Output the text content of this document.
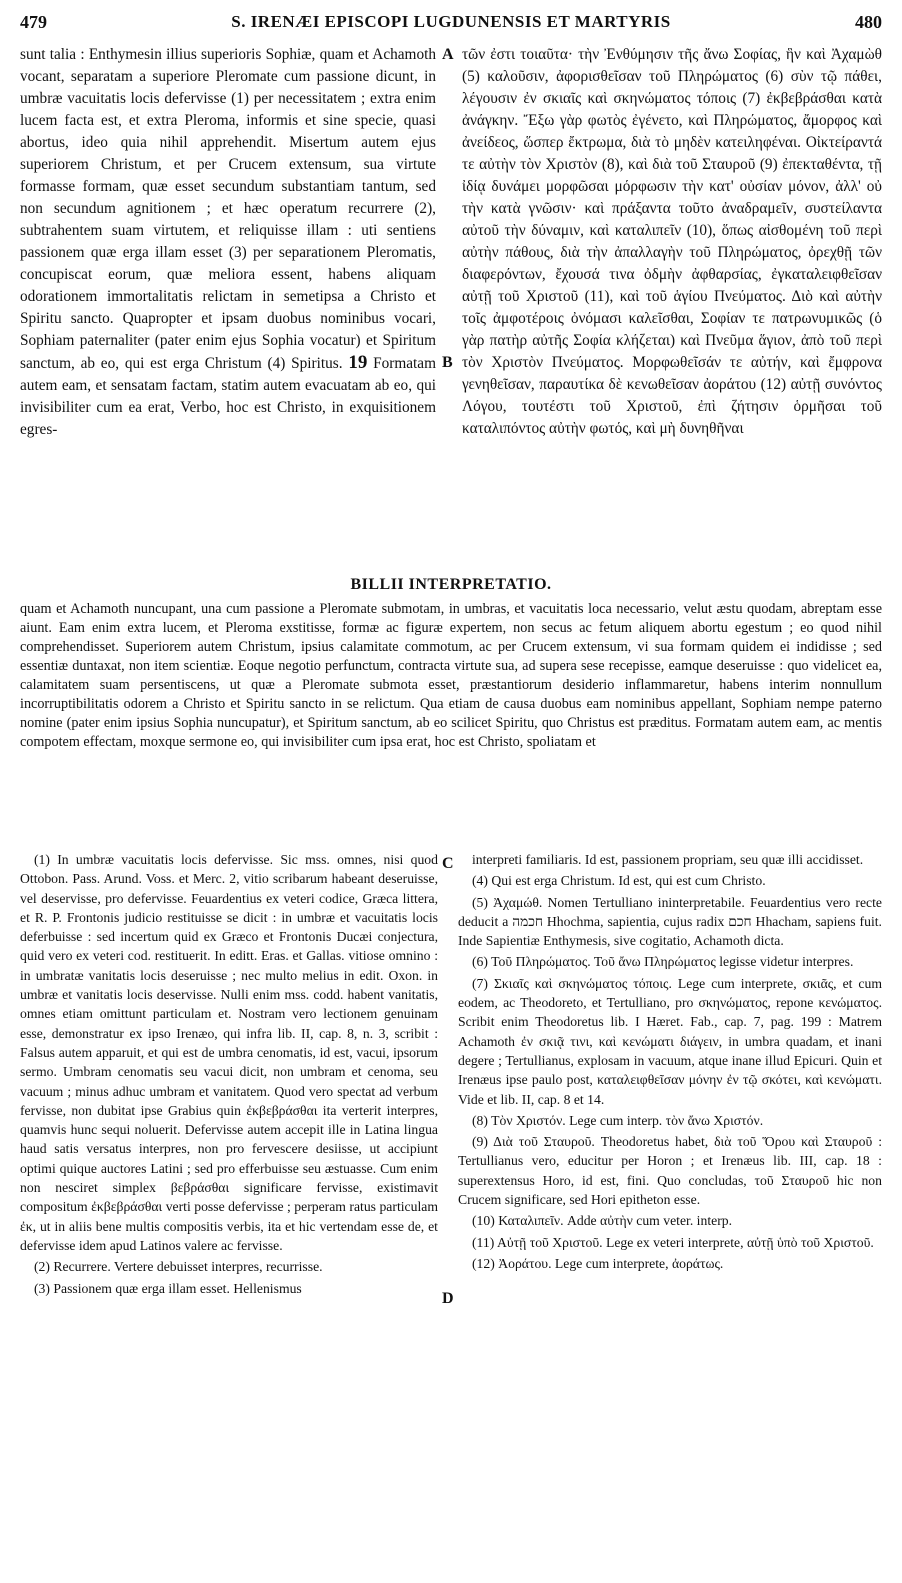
479	S. IRENÆI EPISCOPI LUGDUNENSIS ET MARTYRIS	480
sunt talia : Enthymesin illius superioris Sophiæ, quam et Achamoth vocant, separatam a superiore Pleromate cum passione dicunt, in umbræ vacuitatis locis defervisse (1) per necessitatem ; extra enim lucem facta est, et extra Pleroma, informis et sine specie, quasi abortus, ideo quia nihil apprehendit. Misertum autem ejus superiorem Christum, et per Crucem extensum, sua virtute formasse formam, quæ esset secundum substantiam tantum, sed non secundum agnitionem ; et hæc operatum recurrere (2), subtrahentem suam virtutem, et reliquisse illam : uti sentiens passionem quæ erga illam esset (3) per separationem Pleromatis, concupiscat eorum, quæ meliora essent, habens aliquam odorationem immortalitatis relictam in semetipsa a Christo et Spiritu sancto. Quapropter et ipsam duobus nominibus vocari, Sophiam paternaliter (pater enim ejus Sophia vocatur) et Spiritum sanctum, ab eo, qui est erga Christum (4) Spiritus. 19 Formatam autem eam, et sensatam factam, statim autem evacuatam ab eo, qui invisibiliter cum ea erat, Verbo, hoc est Christo, in exquisitionem egres-
A
B
τῶν ἐστι τοιαῦτα· τὴν Ἐνθύμησιν τῆς ἄνω Σοφίας, ἣν καὶ Ἀχαμὼθ (5) καλοῦσιν, ἀφορισθεῖσαν τοῦ Πληρώματος (6) σὺν τῷ πάθει, λέγουσιν ἐν σκιαῖς καὶ σκηνώματος τόποις (7) ἐκβεβράσθαι κατὰ ἀνάγκην. Ἔξω γὰρ φωτὸς ἐγένετο, καὶ Πληρώματος, ἄμορφος καὶ ἀνείδεος, ὥσπερ ἔκτρωμα, διὰ τὸ μηδὲν κατειληφέναι. Οἰκτείραντά τε αὐτὴν τὸν Χριστὸν (8), καὶ διὰ τοῦ Σταυροῦ (9) ἐπεκταθέντα, τῇ ἰδίᾳ δυνάμει μορφῶσαι μόρφωσιν τὴν κατ' οὐσίαν μόνον, ἀλλ' οὐ τὴν κατὰ γνῶσιν· καὶ πράξαντα τοῦτο ἀναδραμεῖν, συστείλαντα αὐτοῦ τὴν δύναμιν, καὶ καταλιπεῖν (10), ὅπως αἰσθομένη τοῦ περὶ αὐτὴν πάθους, διὰ τὴν ἀπαλλαγὴν τοῦ Πληρώματος, ὀρεχθῇ τῶν διαφερόντων, ἔχουσά τινα ὀδμὴν ἀφθαρσίας, ἐγκαταλειφθεῖσαν αὐτῇ τοῦ Χριστοῦ (11), καὶ τοῦ ἁγίου Πνεύματος. Διὸ καὶ αὐτὴν τοῖς ἀμφοτέροις ὀνόμασι καλεῖσθαι, Σοφίαν τε πατρωνυμικῶς (ὁ γὰρ πατὴρ αὐτῆς Σοφία κλήζεται) καὶ Πνεῦμα ἅγιον, ἀπὸ τοῦ περὶ τὸν Χριστὸν Πνεύματος. Μορφωθεῖσάν τε αὐτήν, καὶ ἔμφρονα γενηθεῖσαν, παραυτίκα δὲ κενωθεῖσαν ἀοράτου (12) αὐτῇ συνόντος Λόγου, τουτέστι τοῦ Χριστοῦ, ἐπὶ ζήτησιν ὁρμῆσαι τοῦ καταλιπόντος αὐτὴν φωτός, καὶ μὴ δυνηθῆναι
BILLII INTERPRETATIO.
quam et Achamoth nuncupant, una cum passione a Pleromate submotam, in umbras, et vacuitatis loca necessario, velut æstu quodam, abreptam esse aiunt. Eam enim extra lucem, et Pleroma exstitisse, formæ ac figuræ expertem, non secus ac fetum aliquem abortu egestum ; eo quod nihil comprehendisset. Superiorem autem Christum, ipsius calamitate commotum, ac per Crucem extensum, vi sua formam quidem ei indidisse ; sed essentiæ duntaxat, non item scientiæ. Eoque negotio perfunctum, contracta virtute sua, ad supera sese recepisse, eamque deseruisse : quo videlicet ea, calamitatem suam persentiscens, ut quæ a Pleromate submota esset, præstantiorum desiderio inflammaretur, habens interim nonnullum incorruptibilitatis odorem a Christo et Spiritu sancto in se relictum. Qua etiam de causa duobus eam nominibus appellant, Sophiam nempe paterno nomine (pater enim ipsius Sophia nuncupatur), et Spiritum sanctum, ab eo scilicet Spiritu, quo Christus est præditus. Formatam autem eam, ac mentis compotem effectam, moxque sermone eo, qui invisibiliter cum ipsa erat, hoc est Christo, spoliatam et
C
D

(1) In umbræ vacuitatis locis defervisse. Sic mss. omnes, nisi quod Ottobon. Pass. Arund. Voss. et Merc. 2, vitio scribarum habeant deseruisse, vel deservisse, pro defervisse. Feuardentius ex veteri codice, Græca littera, et R. P. Frontonis judicio restituisse se dicit : in umbræ et vacuitatis locis deferbuisse : sed incertum quid ex Græco et Frontonis Ducæi conjectura, quid vero ex veteri cod. restituerit. In editt. Eras. et Gallas. vitiose omnino : in umbratæ vanitatis locis deseruisse ; nec multo melius in edit. Oxon. in umbræ et vanitatis locis deservisse. Nulli enim mss. codd. habent vanitatis, omnes etiam omittunt particulam et. Nostram vero lectionem genuinam esse, demonstratur ex ipso Irenæo, qui infra lib. II, cap. 8, n. 3, scribit : Falsus autem apparuit, et qui est de umbra cenomatis, id est, vacui, ipsorum sermo. Umbram cenomatis seu vacui dicit, non umbram et cenoma, seu vacuum ; minus adhuc umbram et vanitatem. Quod vero spectat ad verbum fervisse, non dubitat ipse Grabius quin ἐκβεβράσθαι ita verterit interpres, quamvis hunc sequi noluerit. Defervisse autem accepit ille in Latina lingua haud satis versatus interpres, non pro fervescere desiisse, ut accipiunt optimi quique auctores Latini ; sed pro efferbuisse seu æstuasse. Cum enim non nesciret simplex βεβράσθαι significare fervisse, existimavit compositum ἐκβεβράσθαι verti posse defervisse ; perperam ratus particulam ἐκ, ut in aliis bene multis compositis verbis, ita et hic vertendam esse de, et defervisse idem apud Latinos valere ac fervisse.

(2) Recurrere. Vertere debuisset interpres, recurrisse.

(3) Passionem quæ erga illam esset. Hellenismus

interpreti familiaris. Id est, passionem propriam, seu quæ illi accidisset.

(4) Qui est erga Christum. Id est, qui est cum Christo.

(5) Ἀχαμώθ. Nomen Tertulliano ininterpretabile. Feuardentius vero recte deducit a חכמה Hhochma, sapientia, cujus radix חכם Hhacham, sapiens fuit. Inde Sapientiæ Enthymesis, sive cogitatio, Achamoth dicta.

(6) Τοῦ Πληρώματος. Τοῦ ἄνω Πληρώματος legisse videtur interpres.

(7) Σκιαῖς καὶ σκηνώματος τόποις. Lege cum interprete, σκιᾶς, et cum eodem, ac Theodoreto, et Tertulliano, pro σκηνώματος, repone κενώματος. Scribit enim Theodoretus lib. I Hæret. Fab., cap. 7, pag. 199 : Matrem Achamoth ἐν σκιᾷ τινι, καὶ κενώματι διάγειν, in umbra quadam, et inani degere ; Tertullianus, explosam in vacuum, atque inane illud Epicuri. Quin et Irenæus ipse paulo post, καταλειφθεῖσαν μόνην ἐν τῷ σκότει, καὶ κενώματι. Vide et lib. II, cap. 8 et 14.

(8) Τὸν Χριστόν. Lege cum interp. τὸν ἄνω Χριστόν.

(9) Διὰ τοῦ Σταυροῦ. Theodoretus habet, διὰ τοῦ Ὅρου καὶ Σταυροῦ : Tertullianus vero, educitur per Horon ; et Irenæus lib. III, cap. 18 : superextensus Horo, id est, fini. Quo concludas, τοῦ Σταυροῦ hic non Crucem significare, sed Hori epitheton esse.

(10) Καταλιπεῖν. Adde αὐτὴν cum veter. interp.

(11) Αὐτῇ τοῦ Χριστοῦ. Lege ex veteri interprete, αὐτῇ ὑπὸ τοῦ Χριστοῦ.

(12) Ἀοράτου. Lege cum interprete, ἀοράτως.
